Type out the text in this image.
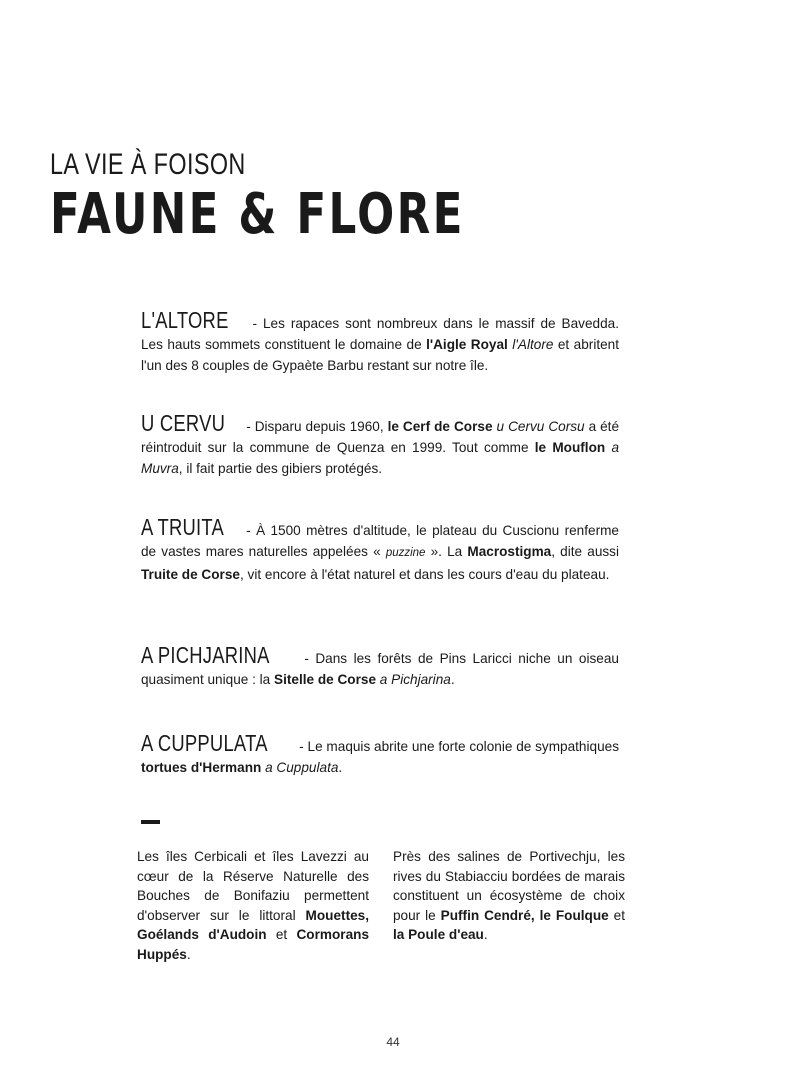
LA VIE À FOISON
FAUNE & FLORE

L'ALTORE - Les rapaces sont nombreux dans le massif de Bavedda. Les hauts sommets constituent le domaine de l'Aigle Royal l'Altore et abritent l'un des 8 couples de Gypaète Barbu restant sur notre île.

U CERVU - Disparu depuis 1960, le Cerf de Corse u Cervu Corsu a été réintroduit sur la commune de Quenza en 1999. Tout comme le Mouflon a Muvra, il fait partie des gibiers protégés.

A TRUITA - À 1500 mètres d'altitude, le plateau du Cuscionu renferme de vastes mares naturelles appelées « puzzine ». La Macrostigma, dite aussi Truite de Corse, vit encore à l'état naturel et dans les cours d'eau du plateau.

A PICHJARINA - Dans les forêts de Pins Laricci niche un oiseau quasiment unique : la Sitelle de Corse a Pichjarina.

A CUPPULATA - Le maquis abrite une forte colonie de sympathiques tortues d'Hermann a Cuppulata.

Les îles Cerbicali et îles Lavezzi au cœur de la Réserve Naturelle des Bouches de Bonifaziu permettent d'observer sur le littoral Mouettes, Goélands d'Audoin et Cormorans Huppés.
Près des salines de Portivechju, les rives du Stabiacciu bordées de marais constituent un écosystème de choix pour le Puffin Cendré, le Foulque et la Poule d'eau.
44
